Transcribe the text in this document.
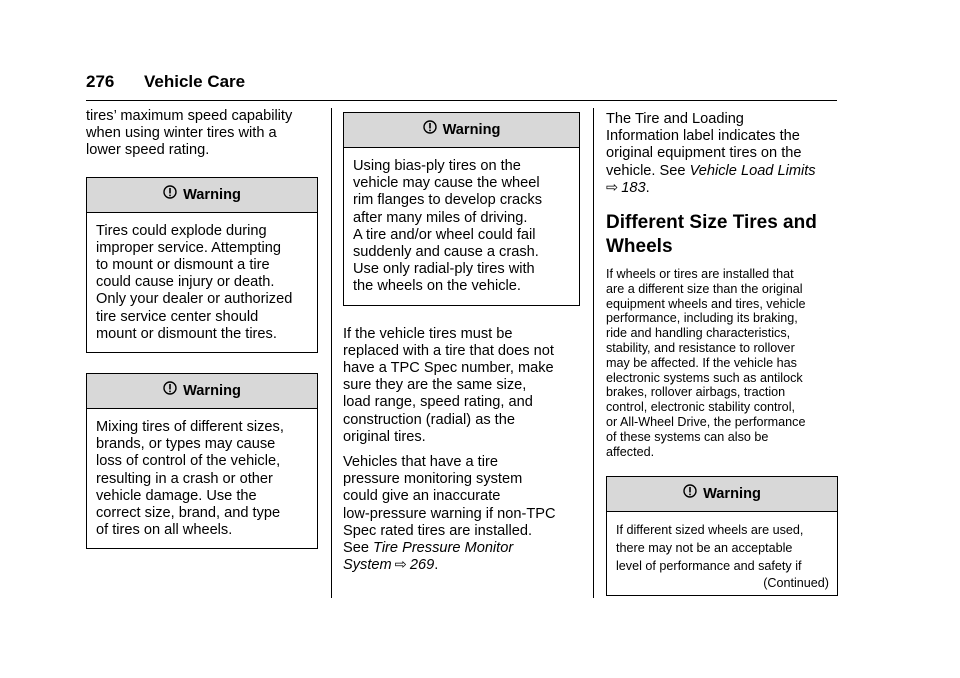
276 Vehicle Care

tires’ maximum speed capability
when using winter tires with a
lower speed rating.

Warning

Tires could explode during
improper service. Attempting
to mount or dismount a tire
could cause injury or death.
Only your dealer or authorized
tire service center should
mount or dismount the tires.

Warning

Mixing tires of different sizes,
brands, or types may cause
loss of control of the vehicle,
resulting in a crash or other
vehicle damage. Use the
correct size, brand, and type
of tires on all wheels.

Warning

Using bias-ply tires on the
vehicle may cause the wheel
rim flanges to develop cracks
after many miles of driving.
A tire and/or wheel could fail
suddenly and cause a crash.
Use only radial-ply tires with
the wheels on the vehicle.

If the vehicle tires must be
replaced with a tire that does not
have a TPC Spec number, make
sure they are the same size,
load range, speed rating, and
construction (radial) as the
original tires.

Vehicles that have a tire
pressure monitoring system
could give an inaccurate
low-pressure warning if non-TPC
Spec rated tires are installed.
See Tire Pressure Monitor
System ⇨ 269.

The Tire and Loading
Information label indicates the
original equipment tires on the
vehicle. See Vehicle Load Limits
⇨ 183.

Different Size Tires and
Wheels

If wheels or tires are installed that
are a different size than the original
equipment wheels and tires, vehicle
performance, including its braking,
ride and handling characteristics,
stability, and resistance to rollover
may be affected. If the vehicle has
electronic systems such as antilock
brakes, rollover airbags, traction
control, electronic stability control,
or All-Wheel Drive, the performance
of these systems can also be
affected.

Warning

If different sized wheels are used,
there may not be an acceptable
level of performance and safety if

(Continued)
